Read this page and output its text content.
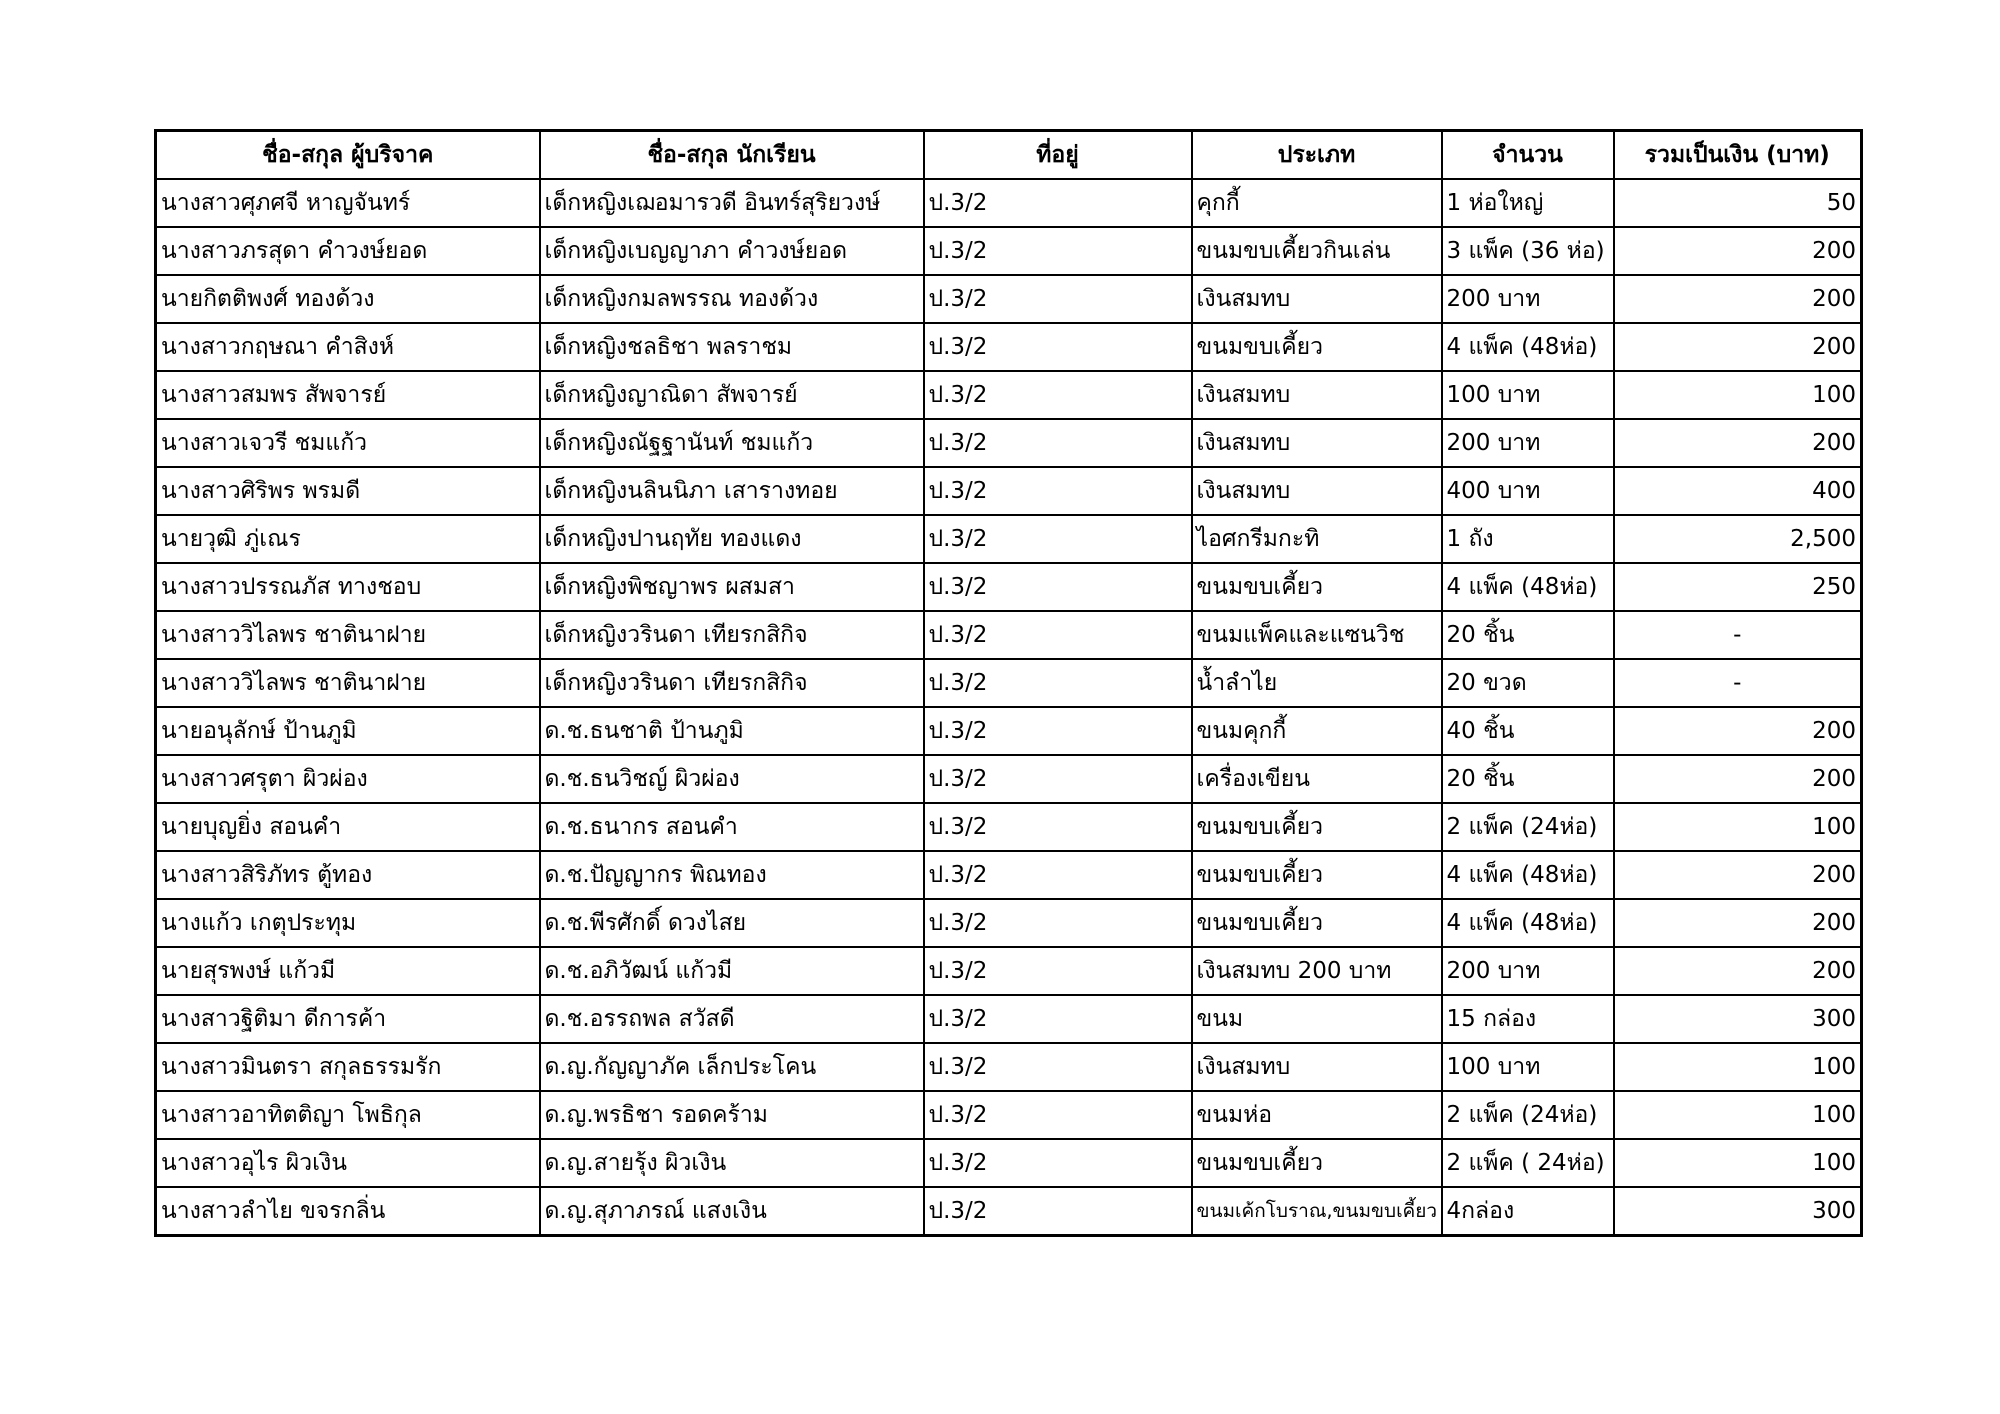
ชื่อ-สกุล ผู้บริจาค	ชื่อ-สกุล นักเรียน	ที่อยู่	ประเภท	จำนวน	รวมเป็นเงิน (บาท)
นางสาวศุภศจี หาญจันทร์	เด็กหญิงเฌอมารวดี อินทร์สุริยวงษ์	ป.3/2	คุกกี้	1 ห่อใหญ่	50
นางสาวภรสุดา คำวงษ์ยอด	เด็กหญิงเบญญาภา คำวงษ์ยอด	ป.3/2	ขนมขบเคี้ยวกินเล่น	3 แพ็ค (36 ห่อ)	200
นายกิตติพงศ์ ทองด้วง	เด็กหญิงกมลพรรณ ทองด้วง	ป.3/2	เงินสมทบ	200 บาท	200
นางสาวกฤษณา คำสิงห์	เด็กหญิงชลธิชา พลราชม	ป.3/2	ขนมขบเคี้ยว	4 แพ็ค (48ห่อ)	200
นางสาวสมพร สัพจารย์	เด็กหญิงญาณิดา สัพจารย์	ป.3/2	เงินสมทบ	100 บาท	100
นางสาวเจวรี ชมแก้ว	เด็กหญิงณัฐฐานันท์ ชมแก้ว	ป.3/2	เงินสมทบ	200 บาท	200
นางสาวศิริพร พรมดี	เด็กหญิงนลินนิภา เสารางทอย	ป.3/2	เงินสมทบ	400 บาท	400
นายวุฒิ ภู่เณร	เด็กหญิงปานฤทัย ทองแดง	ป.3/2	ไอศกรีมกะทิ	1 ถัง	2,500
นางสาวปรรณภัส ทางชอบ	เด็กหญิงพิชญาพร ผสมสา	ป.3/2	ขนมขบเคี้ยว	4 แพ็ค (48ห่อ)	250
นางสาววิไลพร ชาตินาฝาย	เด็กหญิงวรินดา เทียรกสิกิจ	ป.3/2	ขนมแพ็คและแซนวิช	20 ชิ้น	-
นางสาววิไลพร ชาตินาฝาย	เด็กหญิงวรินดา เทียรกสิกิจ	ป.3/2	น้ำลำไย	20 ขวด	-
นายอนุลักษ์ ป้านภูมิ	ด.ช.ธนชาติ ป้านภูมิ	ป.3/2	ขนมคุกกี้	40 ชิ้น	200
นางสาวศรุตา ผิวผ่อง	ด.ช.ธนวิชญ์ ผิวผ่อง	ป.3/2	เครื่องเขียน	20 ชิ้น	200
นายบุญยิ่ง สอนคำ	ด.ช.ธนากร สอนคำ	ป.3/2	ขนมขบเคี้ยว	2 แพ็ค (24ห่อ)	100
นางสาวสิริภัทร ตู้ทอง	ด.ช.ปัญญากร พิณทอง	ป.3/2	ขนมขบเคี้ยว	4 แพ็ค (48ห่อ)	200
นางแก้ว เกตุประทุม	ด.ช.พีรศักดิ์ ดวงไสย	ป.3/2	ขนมขบเคี้ยว	4 แพ็ค (48ห่อ)	200
นายสุรพงษ์ แก้วมี	ด.ช.อภิวัฒน์ แก้วมี	ป.3/2	เงินสมทบ 200 บาท	200 บาท	200
นางสาวฐิติมา ดีการค้า	ด.ช.อรรถพล สวัสดี	ป.3/2	ขนม	15 กล่อง	300
นางสาวมินตรา สกุลธรรมรัก	ด.ญ.กัญญาภัค เล็กประโคน	ป.3/2	เงินสมทบ	100 บาท	100
นางสาวอาทิตติญา โพธิกุล	ด.ญ.พรธิชา รอดคร้าม	ป.3/2	ขนมห่อ	2 แพ็ค (24ห่อ)	100
นางสาวอุไร ผิวเงิน	ด.ญ.สายรุ้ง ผิวเงิน	ป.3/2	ขนมขบเคี้ยว	2 แพ็ค ( 24ห่อ)	100
นางสาวลำไย ขจรกลิ่น	ด.ญ.สุภาภรณ์ แสงเงิน	ป.3/2	ขนมเค้กโบราณ,ขนมขบเคี้ยว	4กล่อง	300
